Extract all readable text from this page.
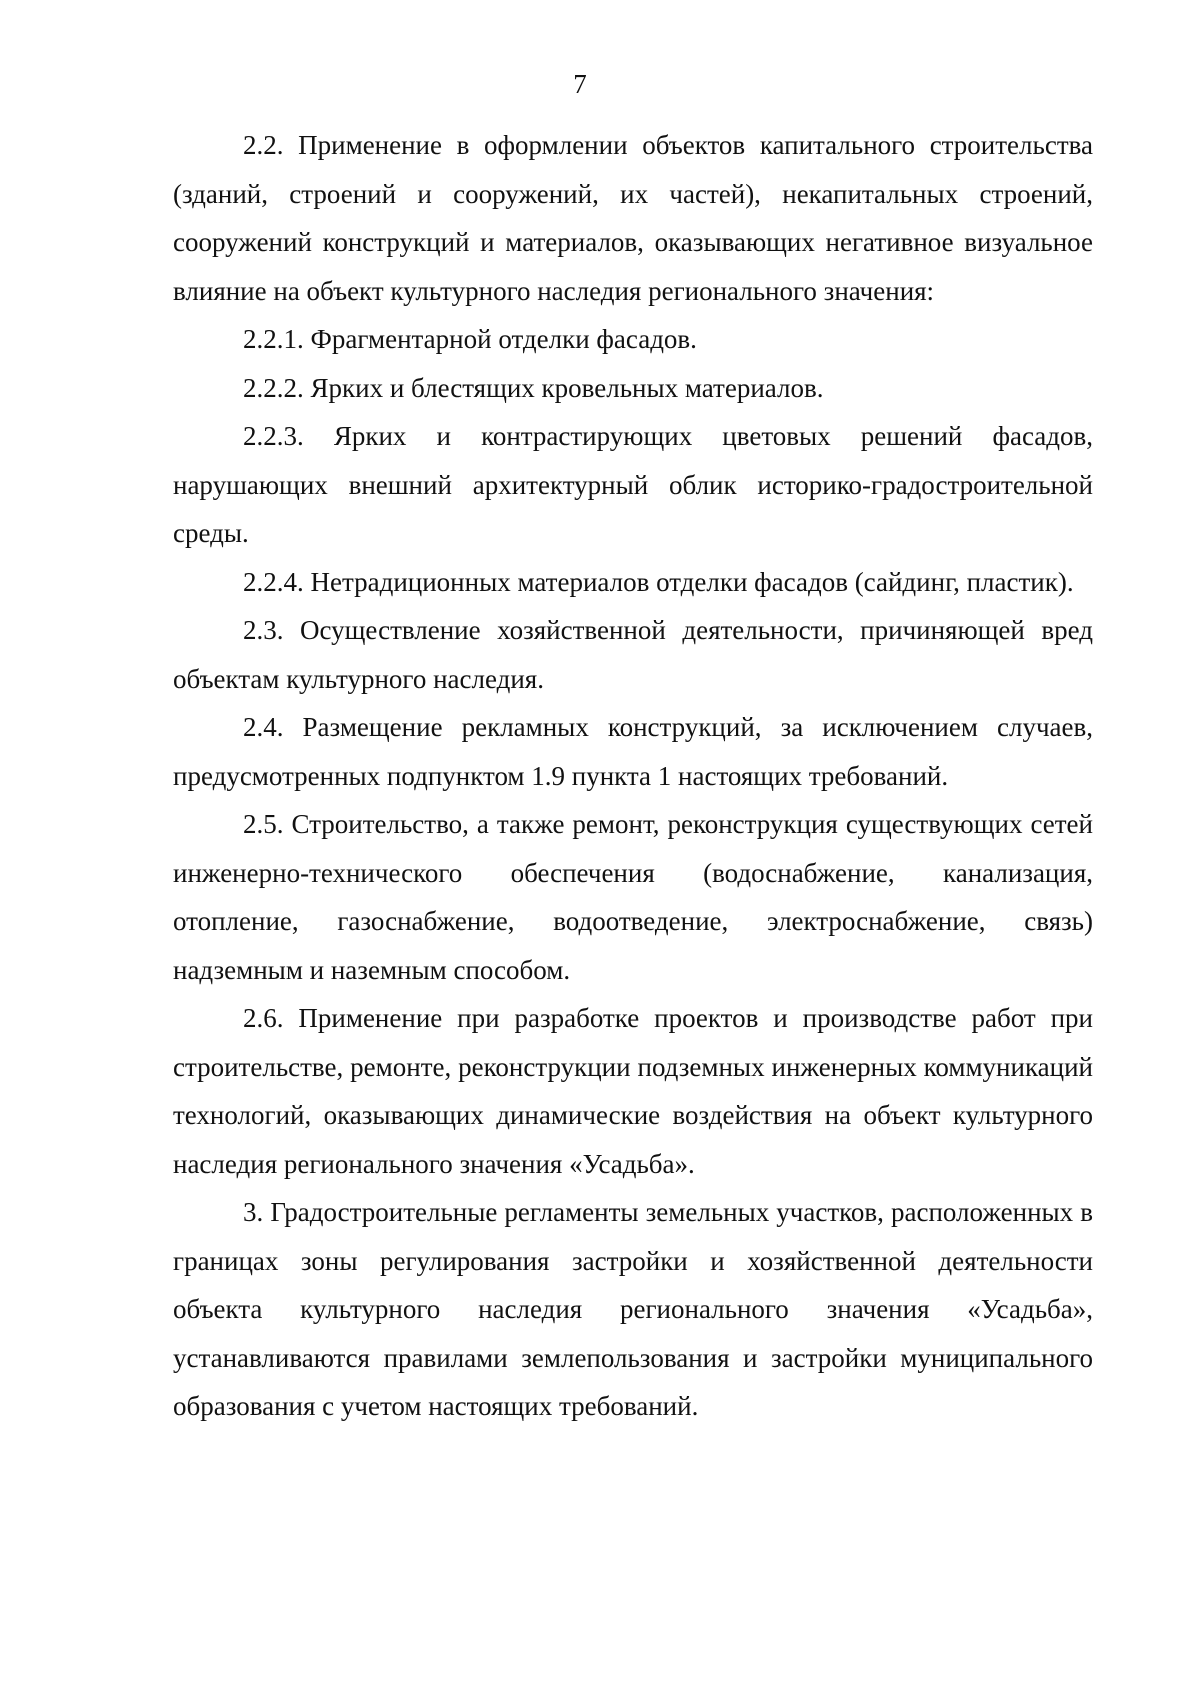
7

2.2. Применение в оформлении объектов капитального строительства (зданий, строений и сооружений, их частей), некапитальных строений, сооружений конструкций и материалов, оказывающих негативное визуальное влияние на объект культурного наследия регионального значения:

2.2.1. Фрагментарной отделки фасадов.

2.2.2. Ярких и блестящих кровельных материалов.

2.2.3. Ярких и контрастирующих цветовых решений фасадов, нарушающих внешний архитектурный облик историко-градостроительной среды.

2.2.4. Нетрадиционных материалов отделки фасадов (сайдинг, пластик).

2.3. Осуществление хозяйственной деятельности, причиняющей вред объектам культурного наследия.

2.4. Размещение рекламных конструкций, за исключением случаев, предусмотренных подпунктом 1.9 пункта 1 настоящих требований.

2.5. Строительство, а также ремонт, реконструкция существующих сетей инженерно-технического обеспечения (водоснабжение, канализация, отопление, газоснабжение, водоотведение, электроснабжение, связь) надземным и наземным способом.

2.6. Применение при разработке проектов и производстве работ при строительстве, ремонте, реконструкции подземных инженерных коммуникаций технологий, оказывающих динамические воздействия на объект культурного наследия регионального значения «Усадьба».

3. Градостроительные регламенты земельных участков, расположенных в границах зоны регулирования застройки и хозяйственной деятельности объекта культурного наследия регионального значения «Усадьба», устанавливаются правилами землепользования и застройки муниципального образования с учетом настоящих требований.
